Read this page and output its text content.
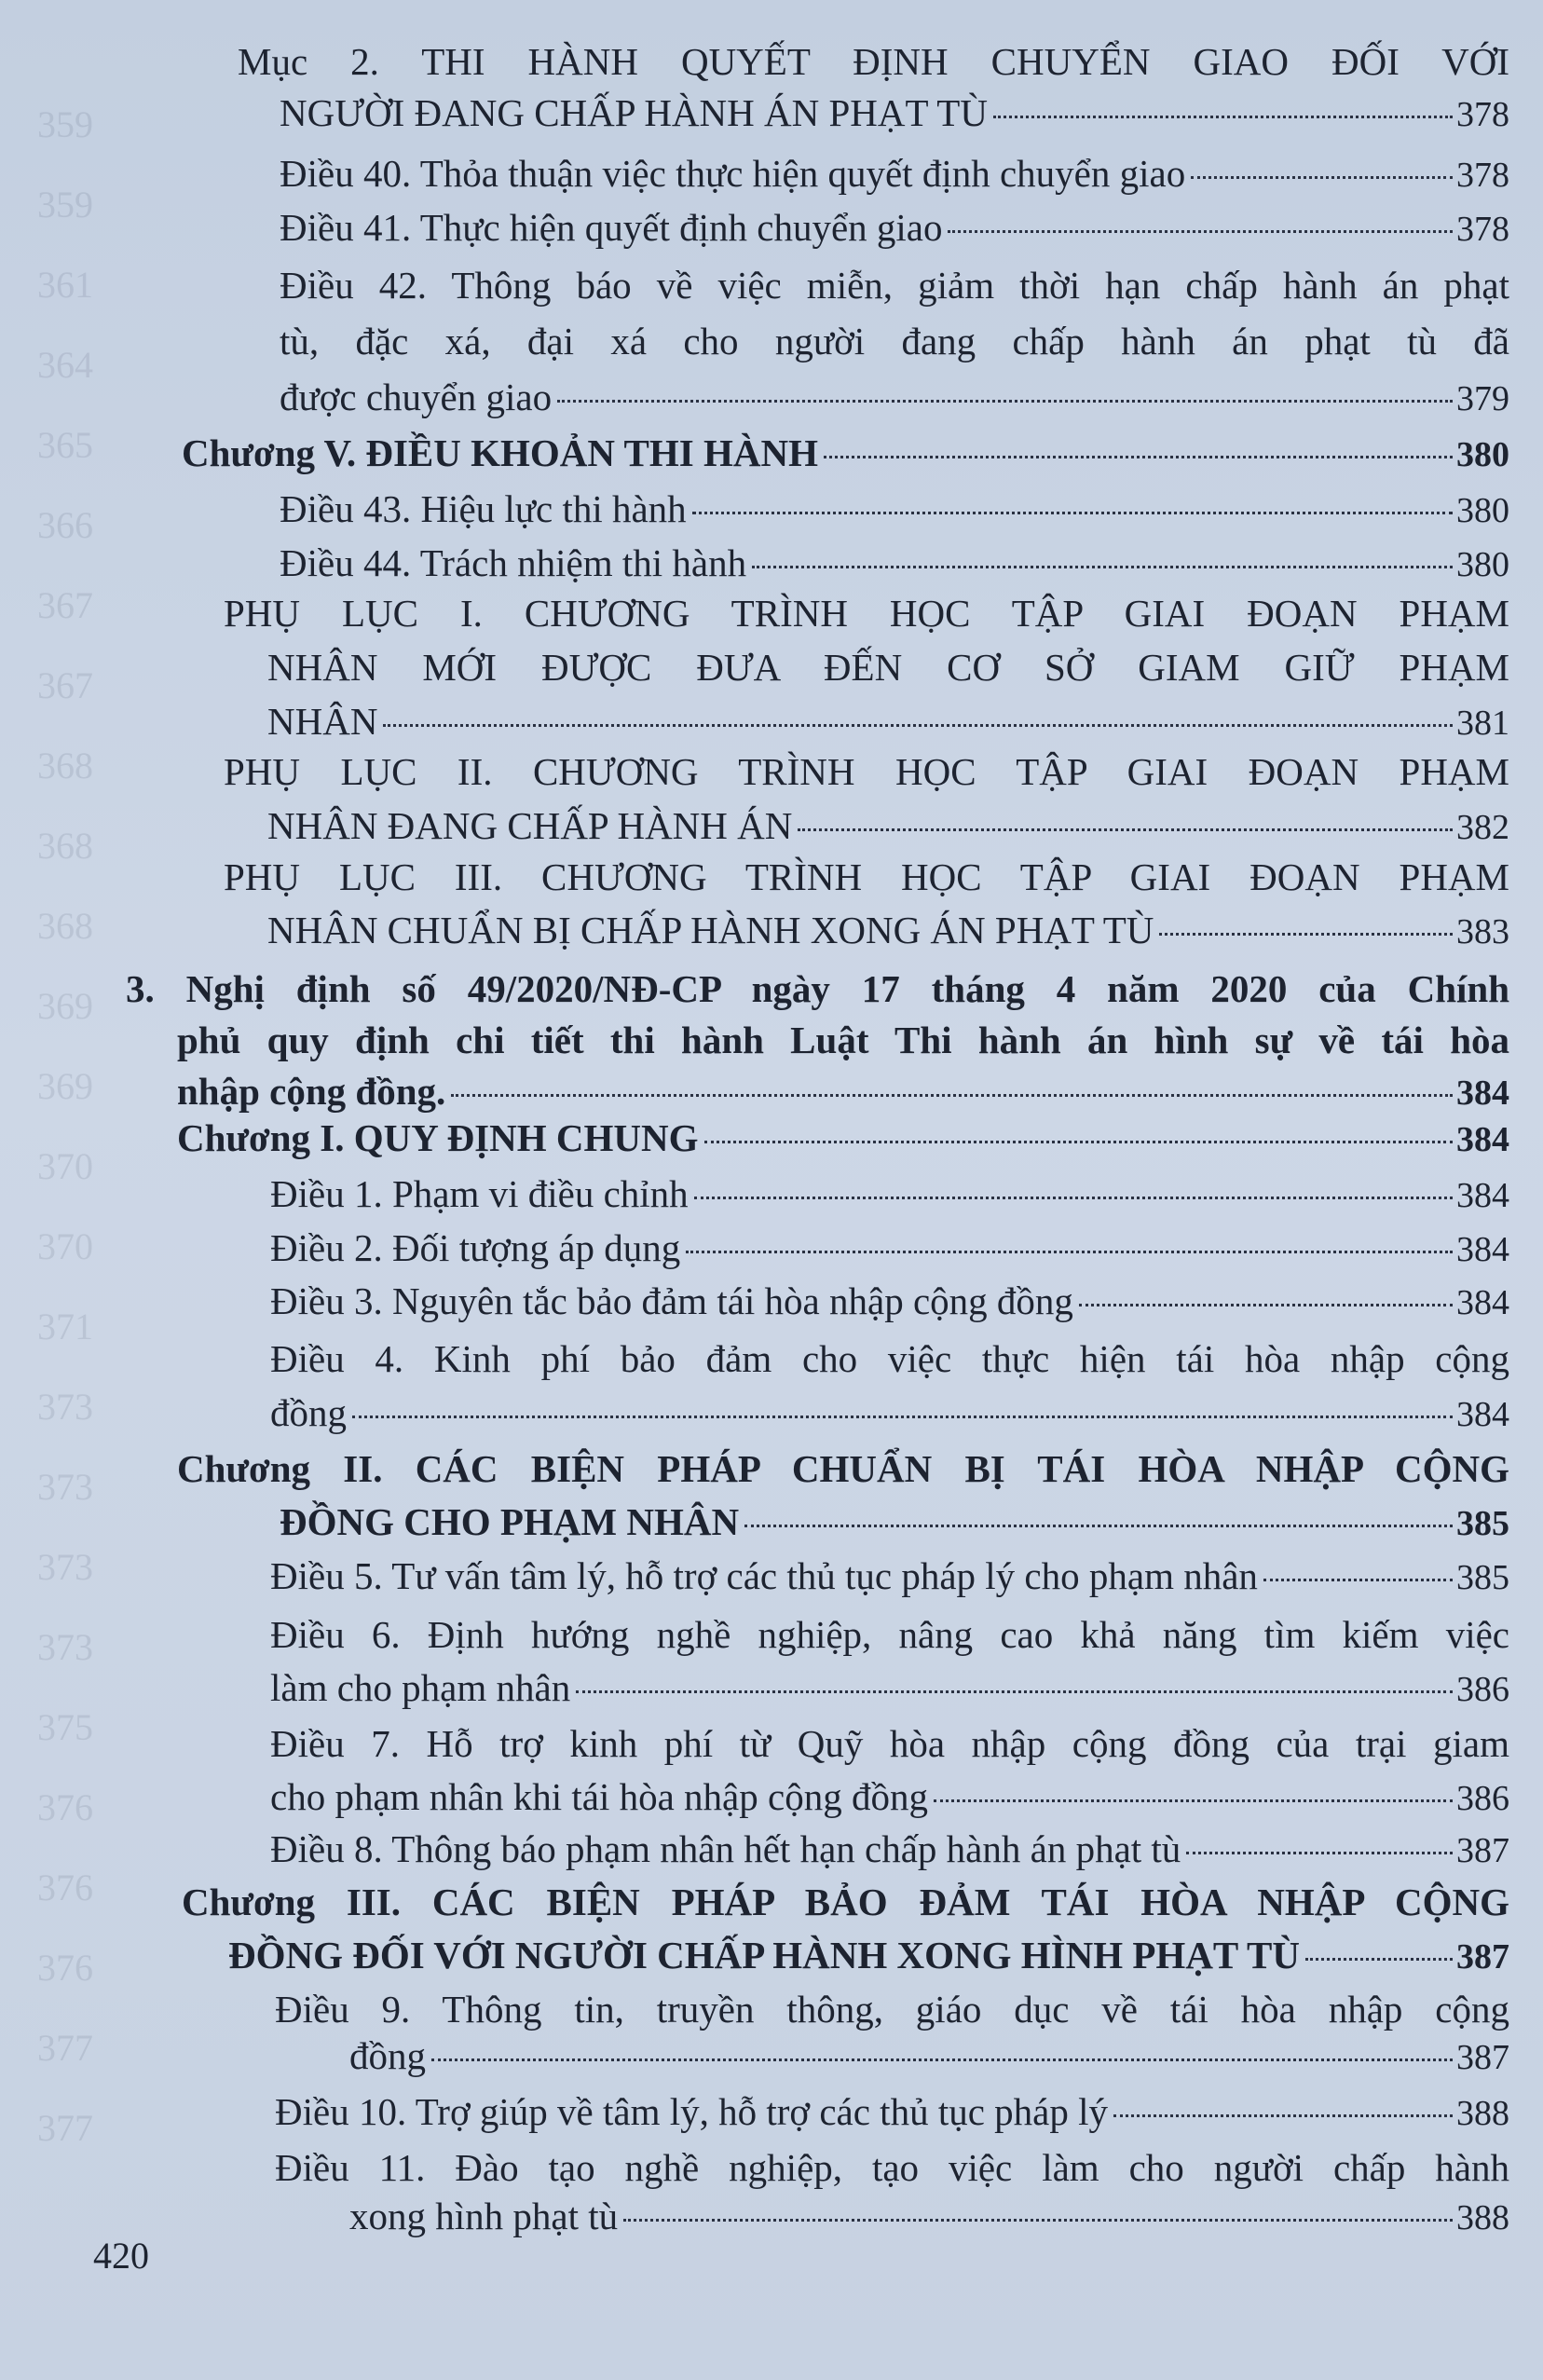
359
359
361
364
365
366
367
367
368
368
368
369
369
370
370
371
373
373
373
373
375
376
376
376
377
377
Mục 2. THI HÀNH QUYẾT ĐỊNH CHUYỂN GIAO ĐỐI VỚI
NGƯỜI ĐANG CHẤP HÀNH ÁN PHẠT TÙ	378
Điều 40. Thỏa thuận việc thực hiện quyết định chuyển giao	378
Điều 41. Thực hiện quyết định chuyển giao	378
Điều 42. Thông báo về việc miễn, giảm thời hạn chấp hành án phạt
tù, đặc xá, đại xá cho người đang chấp hành án phạt tù đã
được chuyển giao	379
Chương V. ĐIỀU KHOẢN THI HÀNH	380
Điều 43. Hiệu lực thi hành	380
Điều 44. Trách nhiệm thi hành	380
PHỤ LỤC I. CHƯƠNG TRÌNH HỌC TẬP GIAI ĐOẠN PHẠM
NHÂN MỚI ĐƯỢC ĐƯA ĐẾN CƠ SỞ GIAM GIỮ PHẠM
NHÂN	381
PHỤ LỤC II. CHƯƠNG TRÌNH HỌC TẬP GIAI ĐOẠN PHẠM
NHÂN ĐANG CHẤP HÀNH ÁN	382
PHỤ LỤC III. CHƯƠNG TRÌNH HỌC TẬP GIAI ĐOẠN PHẠM
NHÂN CHUẨN BỊ CHẤP HÀNH XONG ÁN PHẠT TÙ	383
3. Nghị định số 49/2020/NĐ-CP ngày 17 tháng 4 năm 2020 của Chính
phủ quy định chi tiết thi hành Luật Thi hành án hình sự về tái hòa
nhập cộng đồng.	384
Chương I. QUY ĐỊNH CHUNG	384
Điều 1. Phạm vi điều chỉnh	384
Điều 2. Đối tượng áp dụng	384
Điều 3. Nguyên tắc bảo đảm tái hòa nhập cộng đồng	384
Điều 4. Kinh phí bảo đảm cho việc thực hiện tái hòa nhập cộng
đồng	384
Chương II. CÁC BIỆN PHÁP CHUẨN BỊ TÁI HÒA NHẬP CỘNG
ĐỒNG CHO PHẠM NHÂN	385
Điều 5. Tư vấn tâm lý, hỗ trợ các thủ tục pháp lý cho phạm nhân	385
Điều 6. Định hướng nghề nghiệp, nâng cao khả năng tìm kiếm việc
làm cho phạm nhân	386
Điều 7. Hỗ trợ kinh phí từ Quỹ hòa nhập cộng đồng của trại giam
cho phạm nhân khi tái hòa nhập cộng đồng	386
Điều 8. Thông báo phạm nhân hết hạn chấp hành án phạt tù	387
Chương III. CÁC BIỆN PHÁP BẢO ĐẢM TÁI HÒA NHẬP CỘNG
ĐỒNG ĐỐI VỚI NGƯỜI CHẤP HÀNH XONG HÌNH PHẠT TÙ	387
Điều 9. Thông tin, truyền thông, giáo dục về tái hòa nhập cộng
đồng	387
Điều 10. Trợ giúp về tâm lý, hỗ trợ các thủ tục pháp lý	388
Điều 11. Đào tạo nghề nghiệp, tạo việc làm cho người chấp hành
xong hình phạt tù	388
420
